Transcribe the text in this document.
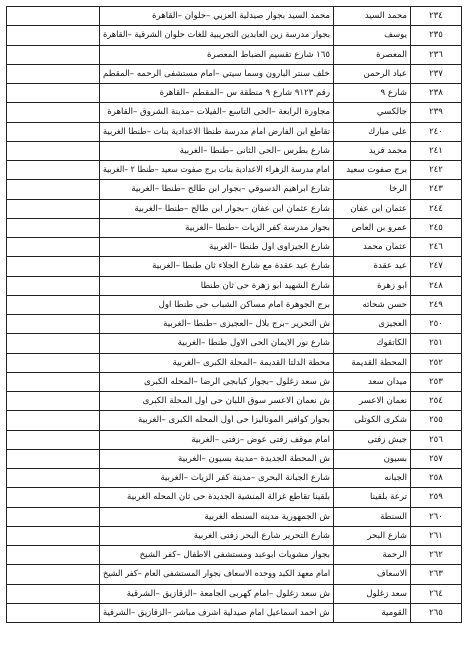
٢٣٤	محمد السيد	محمد السيد بجوار صيدلية العزبي –حلوان –القاهرة	
٢٣٥	يوسف	بجوار مدرسة زين العابدين التجريبية للغات حلوان الشرقية –القاهرة	
٢٣٦	المعصرة	١٦٥ شارع تقسيم الضباط المعصرة	
٢٣٧	عباد الرحمن	خلف سنتر البارون وسما سيتي –امام مستشفى الرحمه –المقطم	
٢٣٨	شارع ٩	رقم ٩١٢٣ شارع ٩ منطقة س –المقطم –القاهرة	
٢٣٩	جالكسي	مجاورة الرابعة –الحى التاسع –الفيلات –مدينة الشروق –القاهرة	
٢٤٠	على مبارك	تقاطع ابن الفارض امام مدرسة طنطا الاعدادية بنات –طنطا الغربية	
٢٤١	محمد فريد	شارع بطرس –الحى الثانى –طنطا –الغربية	
٢٤٢	برج صفوت سعيد	امام مدرسة الزهراء الاعدادية بنات برج صفوت سعيد –طنطا ٢ –الغربية	
٢٤٣	الرخا	شارع ابراهيم الدسوقي –بجوار ابن طالح –طنطا –الغربية	
٢٤٤	عثمان ابن عفان	شارع عثمان ابن عفان –بجوار ابن طالح –طنطا –الغربية	
٢٤٥	عمرو بن العاص	بجوار مدرسة كفر الزيات –طنطا –الغربية	
٢٤٦	عثمان محمد	شارع الجيزاوى اول طنطا –الغربية	
٢٤٧	عيد عقدة	شارع عيد عقدة مع شارع الجلاء ثان طنطا –الغربية	
٢٤٨	ابو زهرة	شارع الشهيد ابو زهرة حى ثان طنطا	
٢٤٩	حسن شحاته	برج الجوهرة امام مساكن الشباب حى طنطا اول	
٢٥٠	العجيزى	ش التحرير –برج بلال –العجيزى –طنطا –الغربية	
٢٥١	الكاتقوك	شارع نور الايمان الحى الاول طنطا –الغربية	
٢٥٢	المحطة القديمة	محطة الدلتا القديمة –المحلة الكبرى –الغربية	
٢٥٣	ميدان سعد	ش سعد زغلول –بجوار كبابجى الرضا –المحله الكبرى	
٢٥٤	نعمان الاعسر	ش نعمان الاعسر سوق اللبان حى اول المحلة الكبرى	
٢٥٥	شكرى الكوتلى	بجوار كوافير الموناليزا حى اول المحله الكبرى –الغربية	
٢٥٦	جيش زفتى	امام موقف زفتى عوض –زفتى –الغربية	
٢٥٧	بسيون	ش المحطة الجديدة –مدينة بسيون –الغربية	
٢٥٨	الجبانه	شارع الجبانة البحرى –مدينة كفر الزيات –الغربية	
٢٥٩	ترعة بلقينا	بلقينا تقاطع غزالة المنشية الجديدة حى ثان المحله الغربية	
٢٦٠	السنطة	ش الجمهورية مدينه السنطه الغربية	
٢٦١	شارع البحر	شارع التحرير شارع البحر زفتى الغربية	
٢٦٢	الرحمة	بجوار مشويات ابوعبد ومستشفى الاطفال –كفر الشيخ	
٢٦٣	الاسعاف	امام معهد الكبد ووحده الاسعاف بجوار المستشفى العام –كفر الشيخ	
٢٦٤	سعد زغلول	ش سعد زغلول –امام كهربى الجامعة –الزقازيق –الشرقية	
٢٦٥	القومية	ش احمد اسماعيل امام صيدلية اشرف مباشر –الزقازيق –الشرقية	
